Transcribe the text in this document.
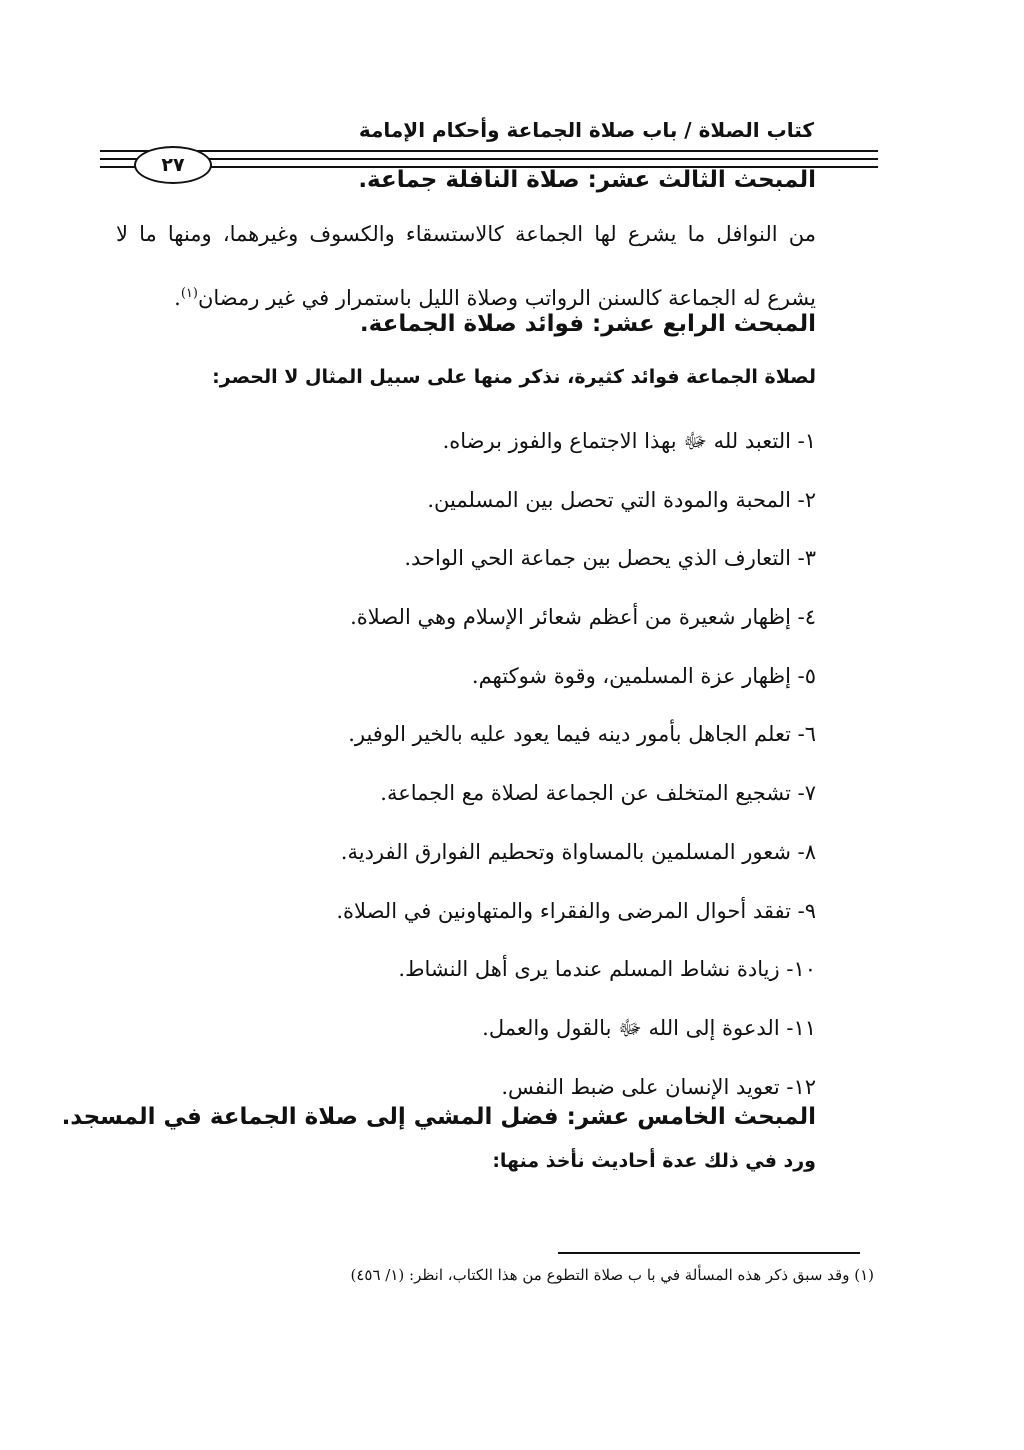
كتاب الصلاة / باب صلاة الجماعة وأحكام الإمامة
٢٧
المبحث الثالث عشر: صلاة النافلة جماعة.
من النوافل ما يشرع لها الجماعة كالاستسقاء والكسوف وغيرهما، ومنها ما لا يشرع له الجماعة كالسنن الرواتب وصلاة الليل باستمرار في غير رمضان$^{(١)}$.
المبحث الرابع عشر: فوائد صلاة الجماعة.
لصلاة الجماعة فوائد كثيرة، نذكر منها على سبيل المثال لا الحصر:
١- التعبد لله ﷻ بهذا الاجتماع والفوز برضاه.
٢- المحبة والمودة التي تحصل بين المسلمين.
٣- التعارف الذي يحصل بين جماعة الحي الواحد.
٤- إظهار شعيرة من أعظم شعائر الإسلام وهي الصلاة.
٥- إظهار عزة المسلمين، وقوة شوكتهم.
٦- تعلم الجاهل بأمور دينه فيما يعود عليه بالخير الوفير.
٧- تشجيع المتخلف عن الجماعة لصلاة مع الجماعة.
٨- شعور المسلمين بالمساواة وتحطيم الفوارق الفردية.
٩- تفقد أحوال المرضى والفقراء والمتهاونين في الصلاة.
١٠- زيادة نشاط المسلم عندما يرى أهل النشاط.
١١- الدعوة إلى الله ﷻ بالقول والعمل.
١٢- تعويد الإنسان على ضبط النفس.
المبحث الخامس عشر: فضل المشي إلى صلاة الجماعة في المسجد.
ورد في ذلك عدة أحاديث نأخذ منها:
(١) وقد سبق ذكر هذه المسألة في با ب صلاة التطوع من هذا الكتاب، انظر: (١/ ٤٥٦)
